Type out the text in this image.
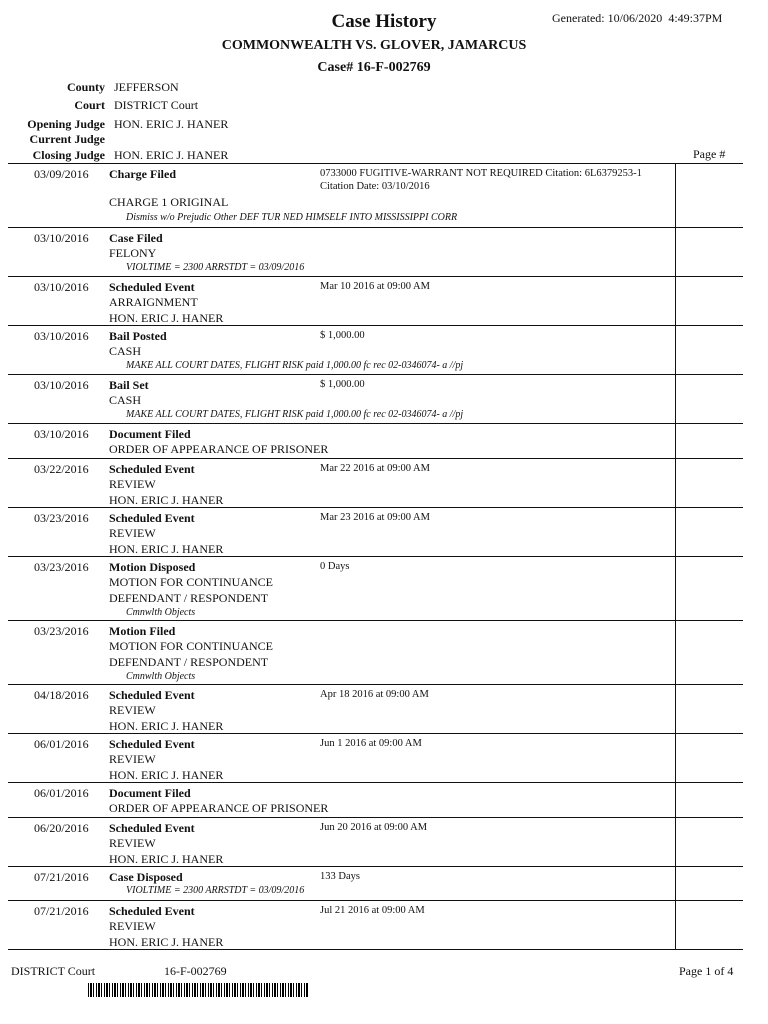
Case History	Generated: 10/06/2020 4:49:37PM
COMMONWEALTH VS. GLOVER, JAMARCUS
Case# 16-F-002769
County JEFFERSON
Court DISTRICT Court
Opening Judge HON. ERIC J. HANER
Current Judge
Closing Judge HON. ERIC J. HANER	Page #
03/09/2016 Charge Filed	0733000 FUGITIVE-WARRANT NOT REQUIRED Citation: 6L6379253-1 Citation Date: 03/10/2016
CHARGE 1 ORIGINAL
Dismiss w/o Prejudic Other DEF TUR NED HIMSELF INTO MISSISSIPPI CORR
03/10/2016 Case Filed
FELONY
VIOLTIME = 2300 ARRSTDT = 03/09/2016
03/10/2016 Scheduled Event	Mar 10 2016 at 09:00 AM
ARRAIGNMENT
HON. ERIC J. HANER
03/10/2016 Bail Posted	$ 1,000.00
CASH
MAKE ALL COURT DATES, FLIGHT RISK paid 1,000.00 fc rec 02-0346074- a //pj
03/10/2016 Bail Set	$ 1,000.00
CASH
MAKE ALL COURT DATES, FLIGHT RISK paid 1,000.00 fc rec 02-0346074- a //pj
03/10/2016 Document Filed
ORDER OF APPEARANCE OF PRISONER
03/22/2016 Scheduled Event	Mar 22 2016 at 09:00 AM
REVIEW
HON. ERIC J. HANER
03/23/2016 Scheduled Event	Mar 23 2016 at 09:00 AM
REVIEW
HON. ERIC J. HANER
03/23/2016 Motion Disposed	0 Days
MOTION FOR CONTINUANCE
DEFENDANT / RESPONDENT
Cmnwlth Objects
03/23/2016 Motion Filed
MOTION FOR CONTINUANCE
DEFENDANT / RESPONDENT
Cmnwlth Objects
04/18/2016 Scheduled Event	Apr 18 2016 at 09:00 AM
REVIEW
HON. ERIC J. HANER
06/01/2016 Scheduled Event	Jun 1 2016 at 09:00 AM
REVIEW
HON. ERIC J. HANER
06/01/2016 Document Filed
ORDER OF APPEARANCE OF PRISONER
06/20/2016 Scheduled Event	Jun 20 2016 at 09:00 AM
REVIEW
HON. ERIC J. HANER
07/21/2016 Case Disposed	133 Days
VIOLTIME = 2300 ARRSTDT = 03/09/2016
07/21/2016 Scheduled Event	Jul 21 2016 at 09:00 AM
REVIEW
HON. ERIC J. HANER
DISTRICT Court	16-F-002769	Page 1 of 4
